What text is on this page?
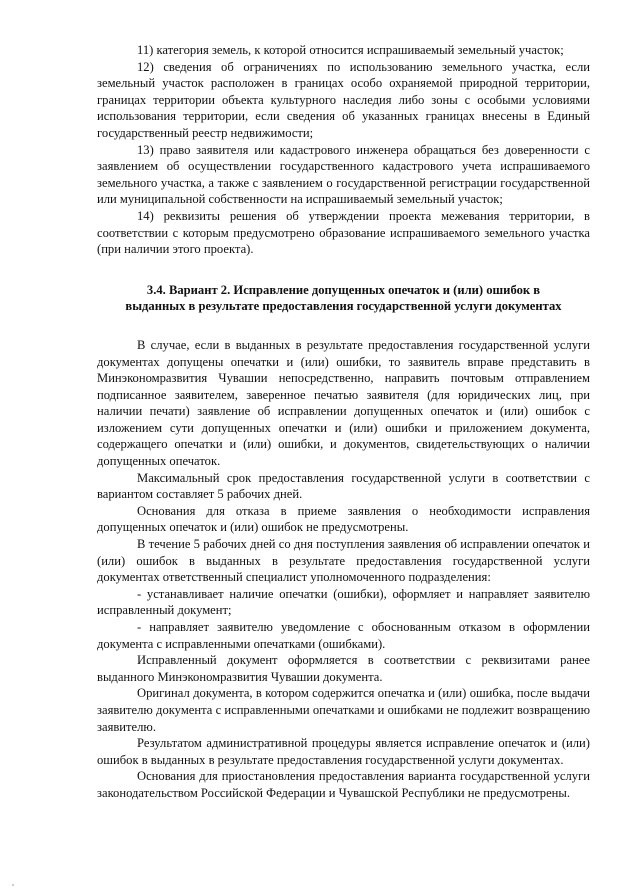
11) категория земель, к которой относится испрашиваемый земельный участок;

12) сведения об ограничениях по использованию земельного участка, если земельный участок расположен в границах особо охраняемой природной территории, границах территории объекта культурного наследия либо зоны с особыми условиями использования территории, если сведения об указанных границах внесены в Единый государственный реестр недвижимости;

13) право заявителя или кадастрового инженера обращаться без доверенности с заявлением об осуществлении государственного кадастрового учета испрашиваемого земельного участка, а также с заявлением о государственной регистрации государственной или муниципальной собственности на испрашиваемый земельный участок;

14) реквизиты решения об утверждении проекта межевания территории, в соответствии с которым предусмотрено образование испрашиваемого земельного участка (при наличии этого проекта).

3.4. Вариант 2. Исправление допущенных опечаток и (или) ошибок в
выданных в результате предоставления государственной услуги документах

В случае, если в выданных в результате предоставления государственной услуги документах допущены опечатки и (или) ошибки, то заявитель вправе представить в Минэкономразвития Чувашии непосредственно, направить почтовым отправлением подписанное заявителем, заверенное печатью заявителя (для юридических лиц, при наличии печати) заявление об исправлении допущенных опечаток и (или) ошибок с изложением сути допущенных опечатки и (или) ошибки и приложением документа, содержащего опечатки и (или) ошибки, и документов, свидетельствующих о наличии допущенных опечаток.

Максимальный срок предоставления государственной услуги в соответствии с вариантом составляет 5 рабочих дней.

Основания для отказа в приеме заявления о необходимости исправления допущенных опечаток и (или) ошибок не предусмотрены.

В течение 5 рабочих дней со дня поступления заявления об исправлении опечаток и (или) ошибок в выданных в результате предоставления государственной услуги документах ответственный специалист уполномоченного подразделения:

- устанавливает наличие опечатки (ошибки), оформляет и направляет заявителю исправленный документ;

- направляет заявителю уведомление с обоснованным отказом в оформлении документа с исправленными опечатками (ошибками).

Исправленный документ оформляется в соответствии с реквизитами ранее выданного Минэкономразвития Чувашии документа.

Оригинал документа, в котором содержится опечатка и (или) ошибка, после выдачи заявителю документа с исправленными опечатками и ошибками не подлежит возвращению заявителю.

Результатом административной процедуры является исправление опечаток и (или) ошибок в выданных в результате предоставления государственной услуги документах.

Основания для приостановления предоставления варианта государственной услуги законодательством Российской Федерации и Чувашской Республики не предусмотрены.
